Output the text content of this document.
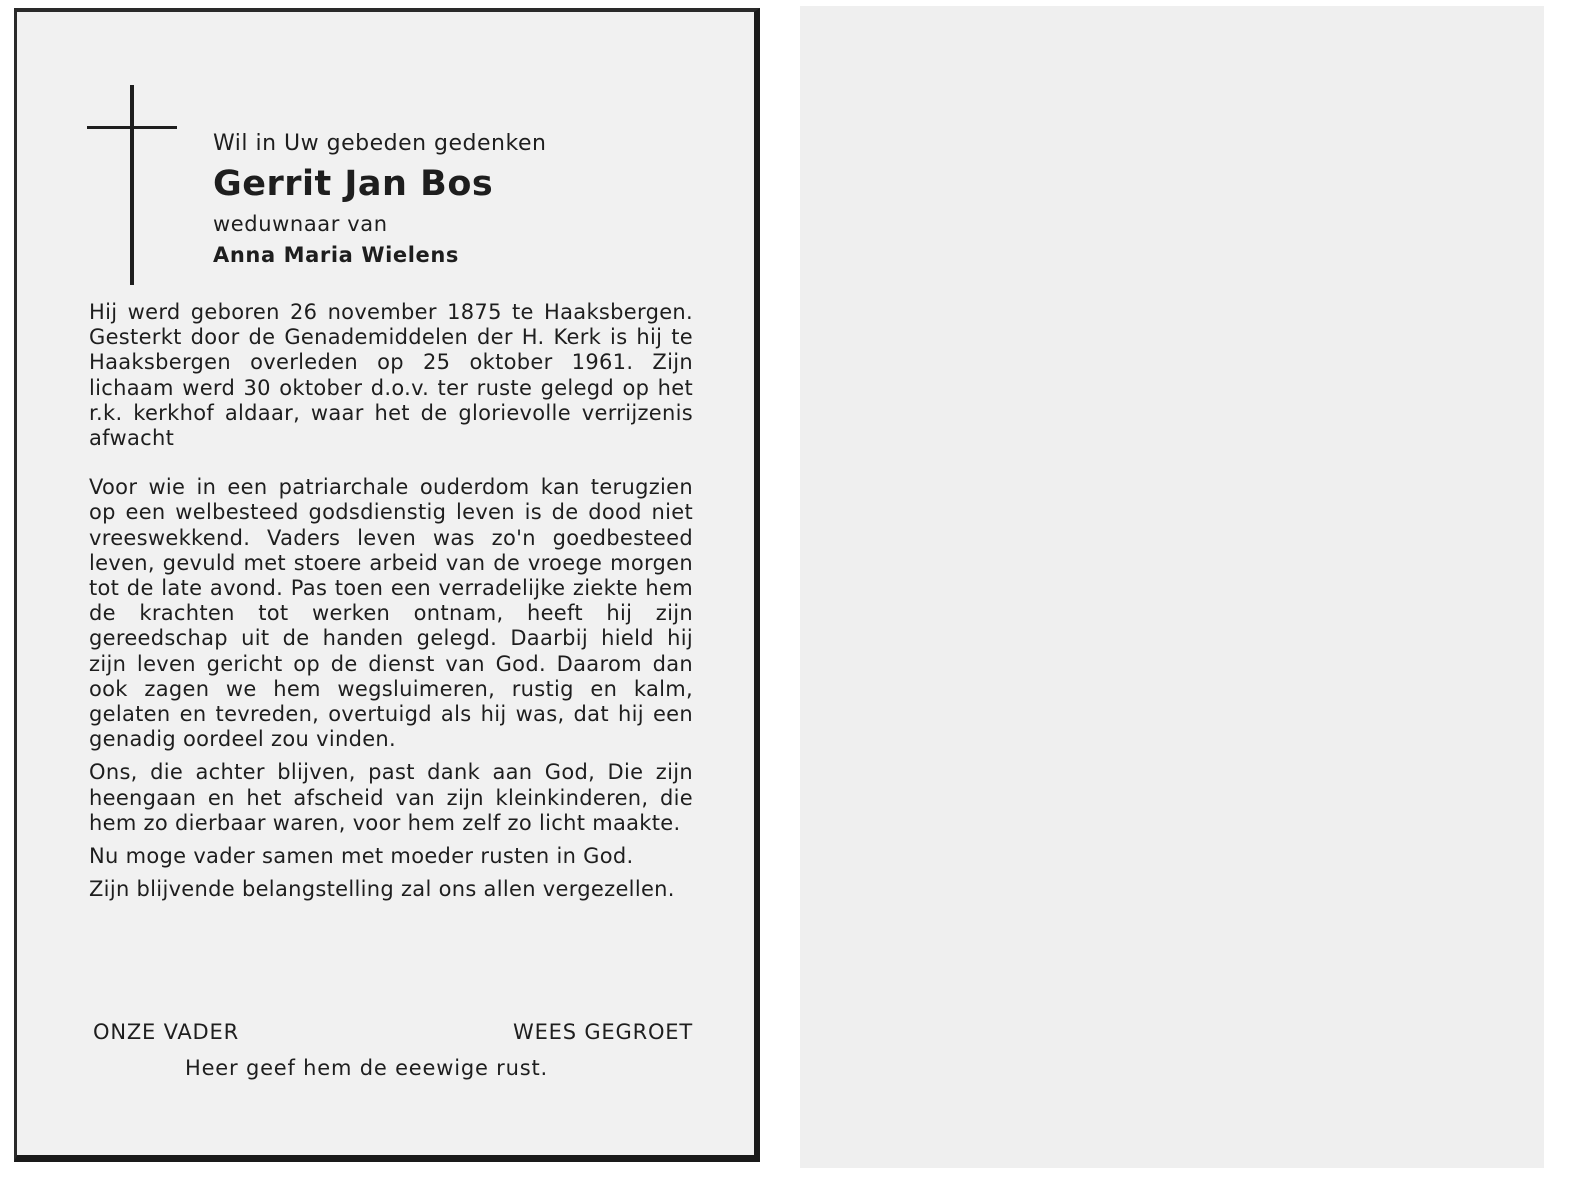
Wil in Uw gebeden gedenken
Gerrit Jan Bos
weduwnaar van
Anna Maria Wielens

Hij werd geboren 26 november 1875 te Haaksbergen. Gesterkt door de Genademiddelen der H. Kerk is hij te Haaksbergen overleden op 25 oktober 1961. Zijn lichaam werd 30 oktober d.o.v. ter ruste gelegd op het r.k. kerkhof aldaar, waar het de glorievolle verrijzenis afwacht

Voor wie in een patriarchale ouderdom kan terugzien op een welbesteed godsdienstig leven is de dood niet vreeswekkend. Vaders leven was zo'n goedbesteed leven, gevuld met stoere arbeid van de vroege morgen tot de late avond. Pas toen een verradelijke ziekte hem de krachten tot werken ontnam, heeft hij zijn gereedschap uit de handen gelegd. Daarbij hield hij zijn leven gericht op de dienst van God. Daarom dan ook zagen we hem wegsluimeren, rustig en kalm, gelaten en tevreden, overtuigd als hij was, dat hij een genadig oordeel zou vinden.

Ons, die achter blijven, past dank aan God, Die zijn heengaan en het afscheid van zijn kleinkinderen, die hem zo dierbaar waren, voor hem zelf zo licht maakte.

Nu moge vader samen met moeder rusten in God.

Zijn blijvende belangstelling zal ons allen vergezellen.

ONZE VADER	WEES GEGROET
Heer geef hem de eeewige rust.
